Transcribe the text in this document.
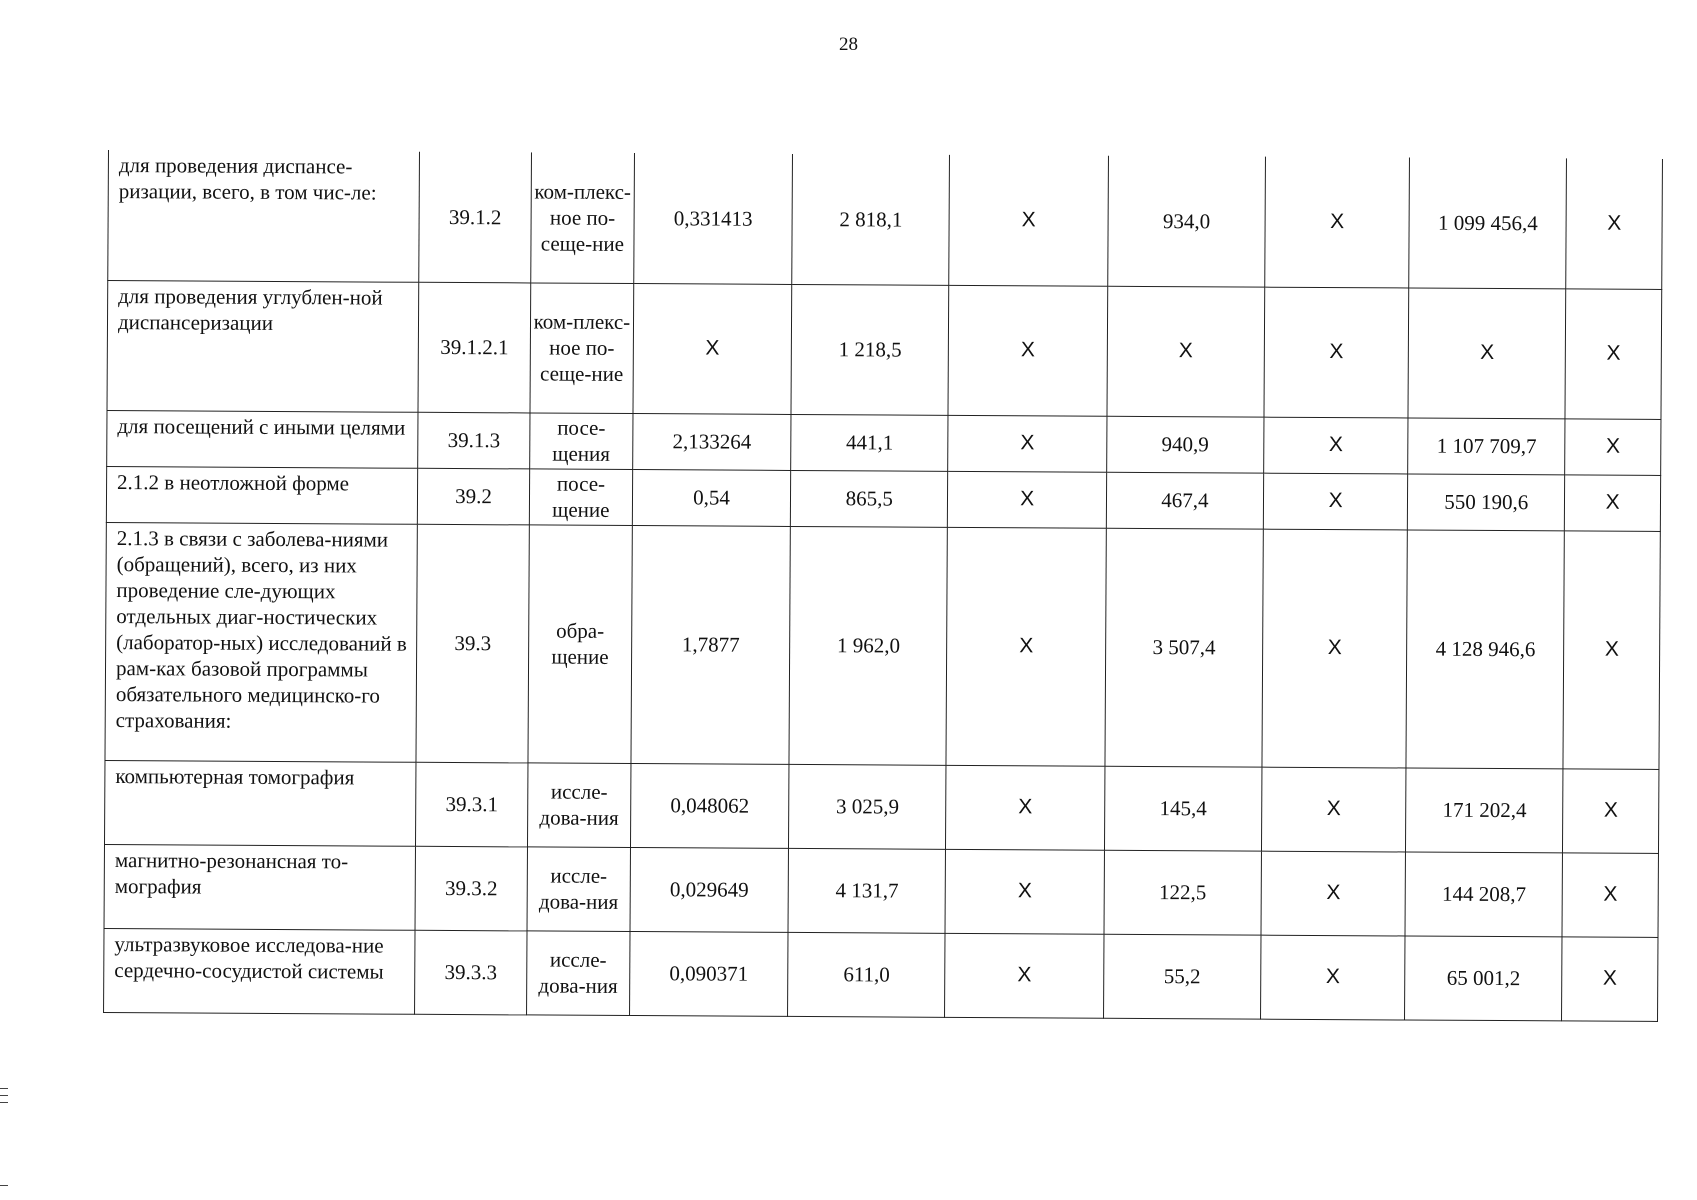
28
для проведения диспансе-ризации, всего, в том чис-ле:	39.1.2	ком-плекс-ное по-сеще-ние	0,331413	2 818,1	Х	934,0	Х	1 099 456,4	Х
для проведения углублен-ной диспансеризации	39.1.2.1	ком-плекс-ное по-сеще-ние	Х	1 218,5	Х	Х	Х	Х	Х
для посещений с иными целями	39.1.3	посе-щения	2,133264	441,1	Х	940,9	Х	1 107 709,7	Х
2.1.2 в неотложной форме	39.2	посе-щение	0,54	865,5	Х	467,4	Х	550 190,6	Х
2.1.3 в связи с заболева-ниями (обращений), всего, из них проведение сле-дующих отдельных диаг-ностических (лаборатор-ных) исследований в рам-ках базовой программы обязательного медицинско-го страхования:	39.3	обра-щение	1,7877	1 962,0	Х	3 507,4	Х	4 128 946,6	Х
компьютерная томография	39.3.1	иссле-дова-ния	0,048062	3 025,9	Х	145,4	Х	171 202,4	Х
магнитно-резонансная то-мография	39.3.2	иссле-дова-ния	0,029649	4 131,7	Х	122,5	Х	144 208,7	Х
ультразвуковое исследова-ние сердечно-сосудистой системы	39.3.3	иссле-дова-ния	0,090371	611,0	Х	55,2	Х	65 001,2	Х
